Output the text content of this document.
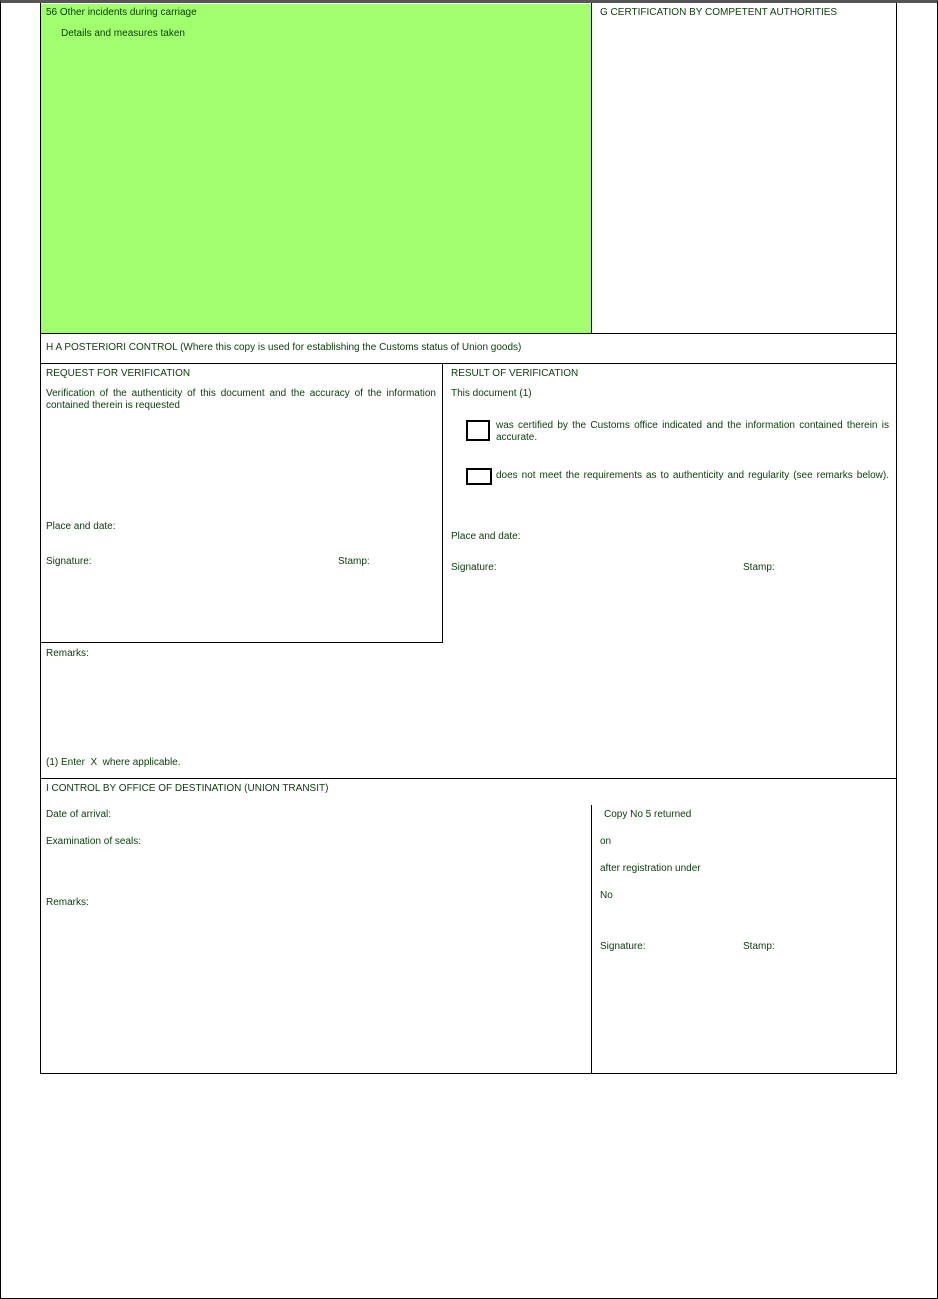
56 Other incidents during carriage
Details and measures taken
G CERTIFICATION BY COMPETENT AUTHORITIES
H A POSTERIORI CONTROL (Where this copy is used for establishing the Customs status of Union goods)
REQUEST FOR VERIFICATION
Verification of the authenticity of this document and the accuracy of the information contained therein is requested
Place and date:
Signature:	Stamp:
RESULT OF VERIFICATION
This document (1)
was certified by the Customs office indicated and the information contained therein is accurate.
does not meet the requirements as to authenticity and regularity (see remarks below).
Place and date:
Signature:	Stamp:
Remarks:
(1) Enter  X  where applicable.
I CONTROL BY OFFICE OF DESTINATION (UNION TRANSIT)
Date of arrival:
Examination of seals:
Remarks:
Copy No 5 returned
on
after registration under
No
Signature:	Stamp:
